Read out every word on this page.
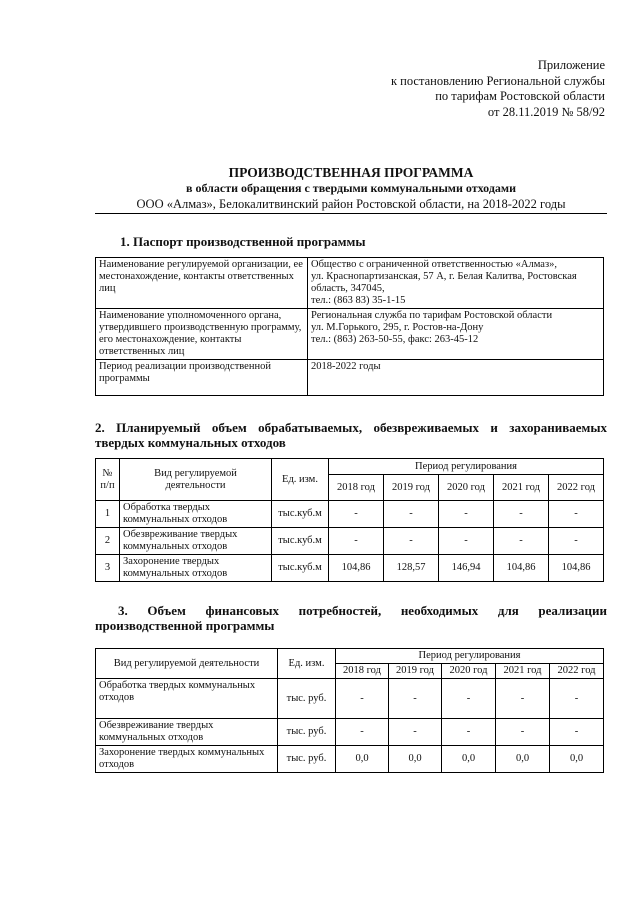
Приложение
к постановлению Региональной службы
по тарифам Ростовской области
от 28.11.2019 № 58/92
ПРОИЗВОДСТВЕННАЯ ПРОГРАММА
в области обращения с твердыми коммунальными отходами
ООО «Алмаз», Белокалитвинский район Ростовской области, на 2018-2022 годы
1. Паспорт производственной программы
Наименование регулируемой организации, ее местонахождение, контакты ответственных лиц	Общество с ограниченной ответственностью «Алмаз»,
ул. Краснопартизанская, 57 А, г. Белая Калитва, Ростовская область, 347045,
тел.: (863 83) 35-1-15

Наименование уполномоченного органа, утвердившего производственную программу, его местонахождение, контакты ответственных лиц	Региональная служба по тарифам Ростовской области
ул. М.Горького, 295, г. Ростов-на-Дону
тел.: (863) 263-50-55, факс: 263-45-12

Период реализации производственной программы	2018-2022 годы
2. Планируемый объем обрабатываемых, обезвреживаемых и захораниваемых твердых коммунальных отходов
№ п/п	Вид регулируемой деятельности	Ед. изм.	Период регулирования				
			2018 год	2019 год	2020 год	2021 год	2022 год
1	Обработка твердых коммунальных отходов	тыс.куб.м	-	-	-	-	-
2	Обезвреживание твердых коммунальных отходов	тыс.куб.м	-	-	-	-	-
3	Захоронение твердых коммунальных отходов	тыс.куб.м	104,86	128,57	146,94	104,86	104,86
3. Объем финансовых потребностей, необходимых для реализации
производственной программы
Вид регулируемой деятельности	Ед. изм.	Период регулирования				
		2018 год	2019 год	2020 год	2021 год	2022 год
Обработка твердых коммунальных отходов	тыс. руб.	-	-	-	-	-
Обезвреживание твердых коммунальных отходов	тыс. руб.	-	-	-	-	-
Захоронение твердых коммунальных отходов	тыс. руб.	0,0	0,0	0,0	0,0	0,0
